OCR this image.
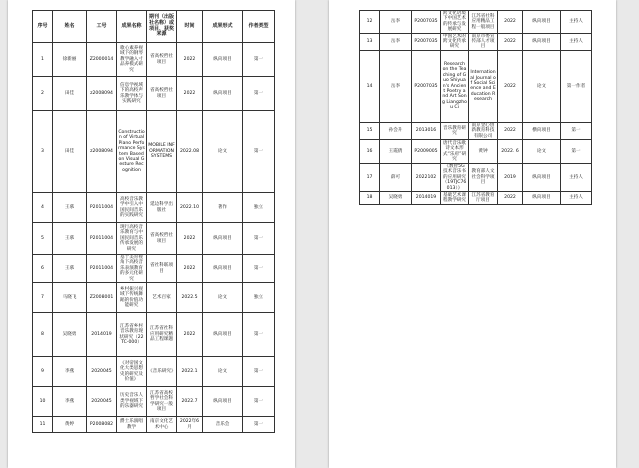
序号	姓名	工号	成果名称	期刊（出版社名称）或项目、获奖来源	时间	成果形式	作者类型
1	徐新丽	Z2000014	歌心素养视域下的钢琴教学融入寸品养模式研究	省高校哲社项目	2022	纵向项目	第一
2	田佳	z2008094	信息学视域下的高校声乐教学体与实践研究	省高校哲社项目	2022	纵向项目	第一
3	田佳	z2008094	Construction of Virtual Piano Performance System Based on Visual Gesture Recognition	MOBILE INFORMATION SYSTEMS	2022.08	论文	第一
4	王慕	P2011004	高校音乐教学中引入中国民间音乐的实践研究	延边科学出版社	2022.10	著作	独立
5	王慕	P2011004	现行高校音乐教育与中国民间音乐传承发展的研究	省高校哲社项目	2022	纵向项目	第一
6	王慕	P2011004	基于美育视角下高校音乐表演教育的多元化研究	省社科联项目	2022	纵向项目	第一
7	马晓飞	Z2008001	乡村振兴视域下传统舞蹈的价值功能研究	艺术百家	2022.5	论文	独立
8	吴晓勇	2014019	江苏省乡村音乐教育现状研究（22TC-000）	江苏省社科应用研究精品工程课题	2022	纵向项目	第一
9	李燕	2020045	《对帝国文化大类思想史的研究及价值》	《音乐研究》	2022.1	论文	第一
10	李燕	2020045	历史音乐人类学视域下的乐器研究	江苏省高校哲学社会科学研究一般项目	2022.7	纵向项目	第一
11	黄婷	P2008082	爵士乐演唱教学	南京文化艺术中心	2022年6月	音乐会	第一
12	岳李	P2007035	跨文化语境下中国艺术的传承与发展研究	江苏省社科应用精品工程一般项目	2022	纵向项目	主持人
13	岳李	P2007035	中国艺术的跨文化传承研究	南京市委宣传部人才项目	2022	纵向项目	主持人
14	岳李	P2007035	Research on the Teaching of Guo Shiyuan's Ancient Poetry and Art Song Liangzhou Ci	International Journal of Social Science and Education Research	2022	论文	第一作者
15	孙会升	2013016	音乐教育研究	南京金心创新教育科技有限公司	2022	横向项目	第一
16	王霞倩	P2009005	唐代音乐歌诗文本形式“乐府”研究	黄钟	2022. 6	论文	第一
17	薛可	2022102	《数智5G 技术音乐书的应用研究（19TJC76013）》	教育部人文社会科学项目	2019	纵向项目	主持人
18	吴晓勇	2014019	基础艺术课程教学研究	江苏省教育厅项目	2022	纵向项目	主持人
